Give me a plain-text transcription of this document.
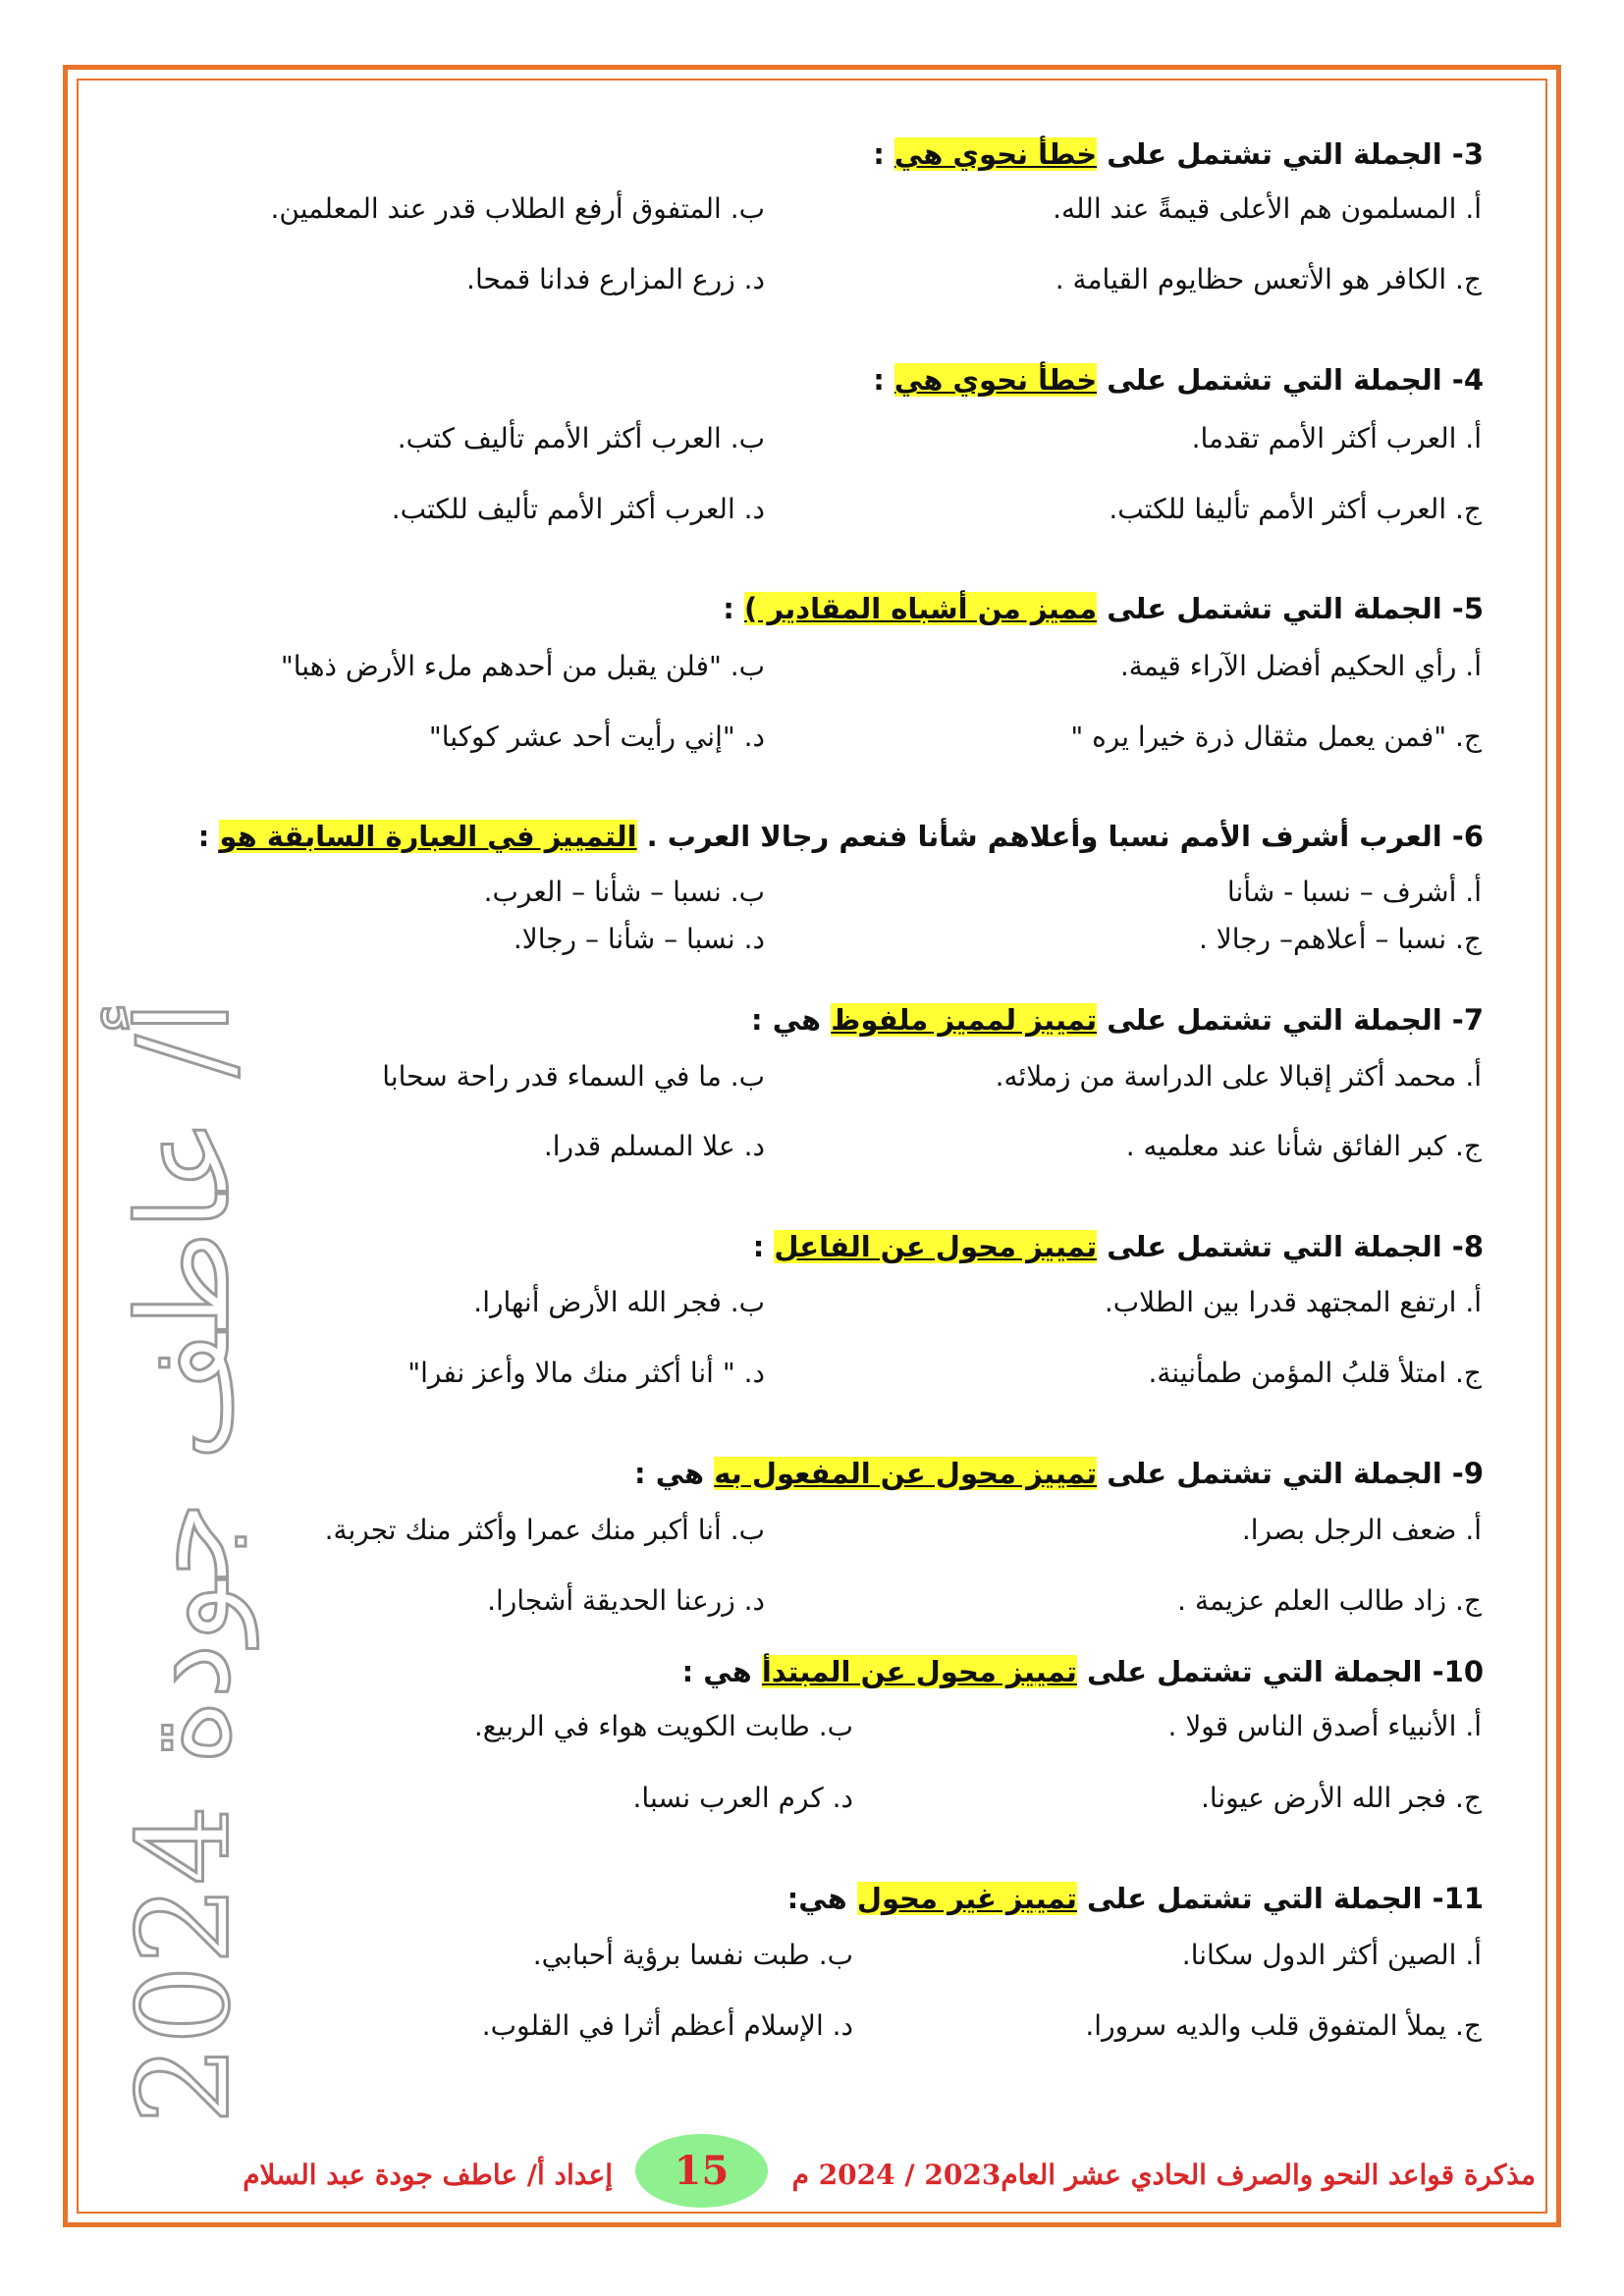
2024 أ/ عاطف جودة
3- الجملة التي تشتمل على خطأ نحوي هي :
أ. المسلمون هم الأعلى قيمةً عند الله.
ب. المتفوق أرفع الطلاب قدر عند المعلمين.
ج. الكافر هو الأتعس حظايوم القيامة .
د. زرع المزارع فدانا قمحا.
4- الجملة التي تشتمل على خطأ نحوي هي :
أ. العرب أكثر الأمم تقدما.
ب. العرب أكثر الأمم تأليف كتب.
ج. العرب أكثر الأمم تأليفا للكتب.
د. العرب أكثر الأمم تأليف للكتب.
5- الجملة التي تشتمل على مميز من أشباه المقادير ) :
أ. رأي الحكيم أفضل الآراء قيمة.
ب. "فلن يقبل من أحدهم ملء الأرض ذهبا"
ج. "فمن يعمل مثقال ذرة خيرا يره "
د. "إني رأيت أحد عشر كوكبا"
6- العرب أشرف الأمم نسبا وأعلاهم شأنا فنعم رجالا العرب . التمييز في العبارة السابقة هو :
أ. أشرف – نسبا - شأنا
ب. نسبا – شأنا – العرب.
ج. نسبا – أعلاهم– رجالا .
د. نسبا – شأنا – رجالا.
7- الجملة التي تشتمل على تمييز لمميز ملفوظ هي :
أ. محمد أكثر إقبالا على الدراسة من زملائه.
ب. ما في السماء قدر راحة سحابا
ج. كبر الفائق شأنا عند معلميه .
د. علا المسلم قدرا.
8- الجملة التي تشتمل على تمييز محول عن الفاعل :
أ. ارتفع المجتهد قدرا بين الطلاب.
ب. فجر الله الأرض أنهارا.
ج. امتلأ قلبُ المؤمن طمأنينة.
د. " أنا أكثر منك مالا وأعز نفرا"
9- الجملة التي تشتمل على تمييز محول عن المفعول به هي :
أ. ضعف الرجل بصرا.
ب. أنا أكبر منك عمرا وأكثر منك تجربة.
ج. زاد طالب العلم عزيمة .
د. زرعنا الحديقة أشجارا.
10- الجملة التي تشتمل على تمييز محول عن المبتدأ هي :
أ. الأنبياء أصدق الناس قولا .
ب. طابت الكويت هواء في الربيع.
ج. فجر الله الأرض عيونا.
د. كرم العرب نسبا.
11- الجملة التي تشتمل على تمييز غير محول هي:
أ. الصين أكثر الدول سكانا.
ب. طبت نفسا برؤية أحبابي.
ج. يملأ المتفوق قلب والديه سرورا.
د. الإسلام أعظم أثرا في القلوب.
مذكرة قواعد النحو والصرف الحادي عشر العام2023 / 2024 م
15
إعداد أ/ عاطف جودة عبد السلام
